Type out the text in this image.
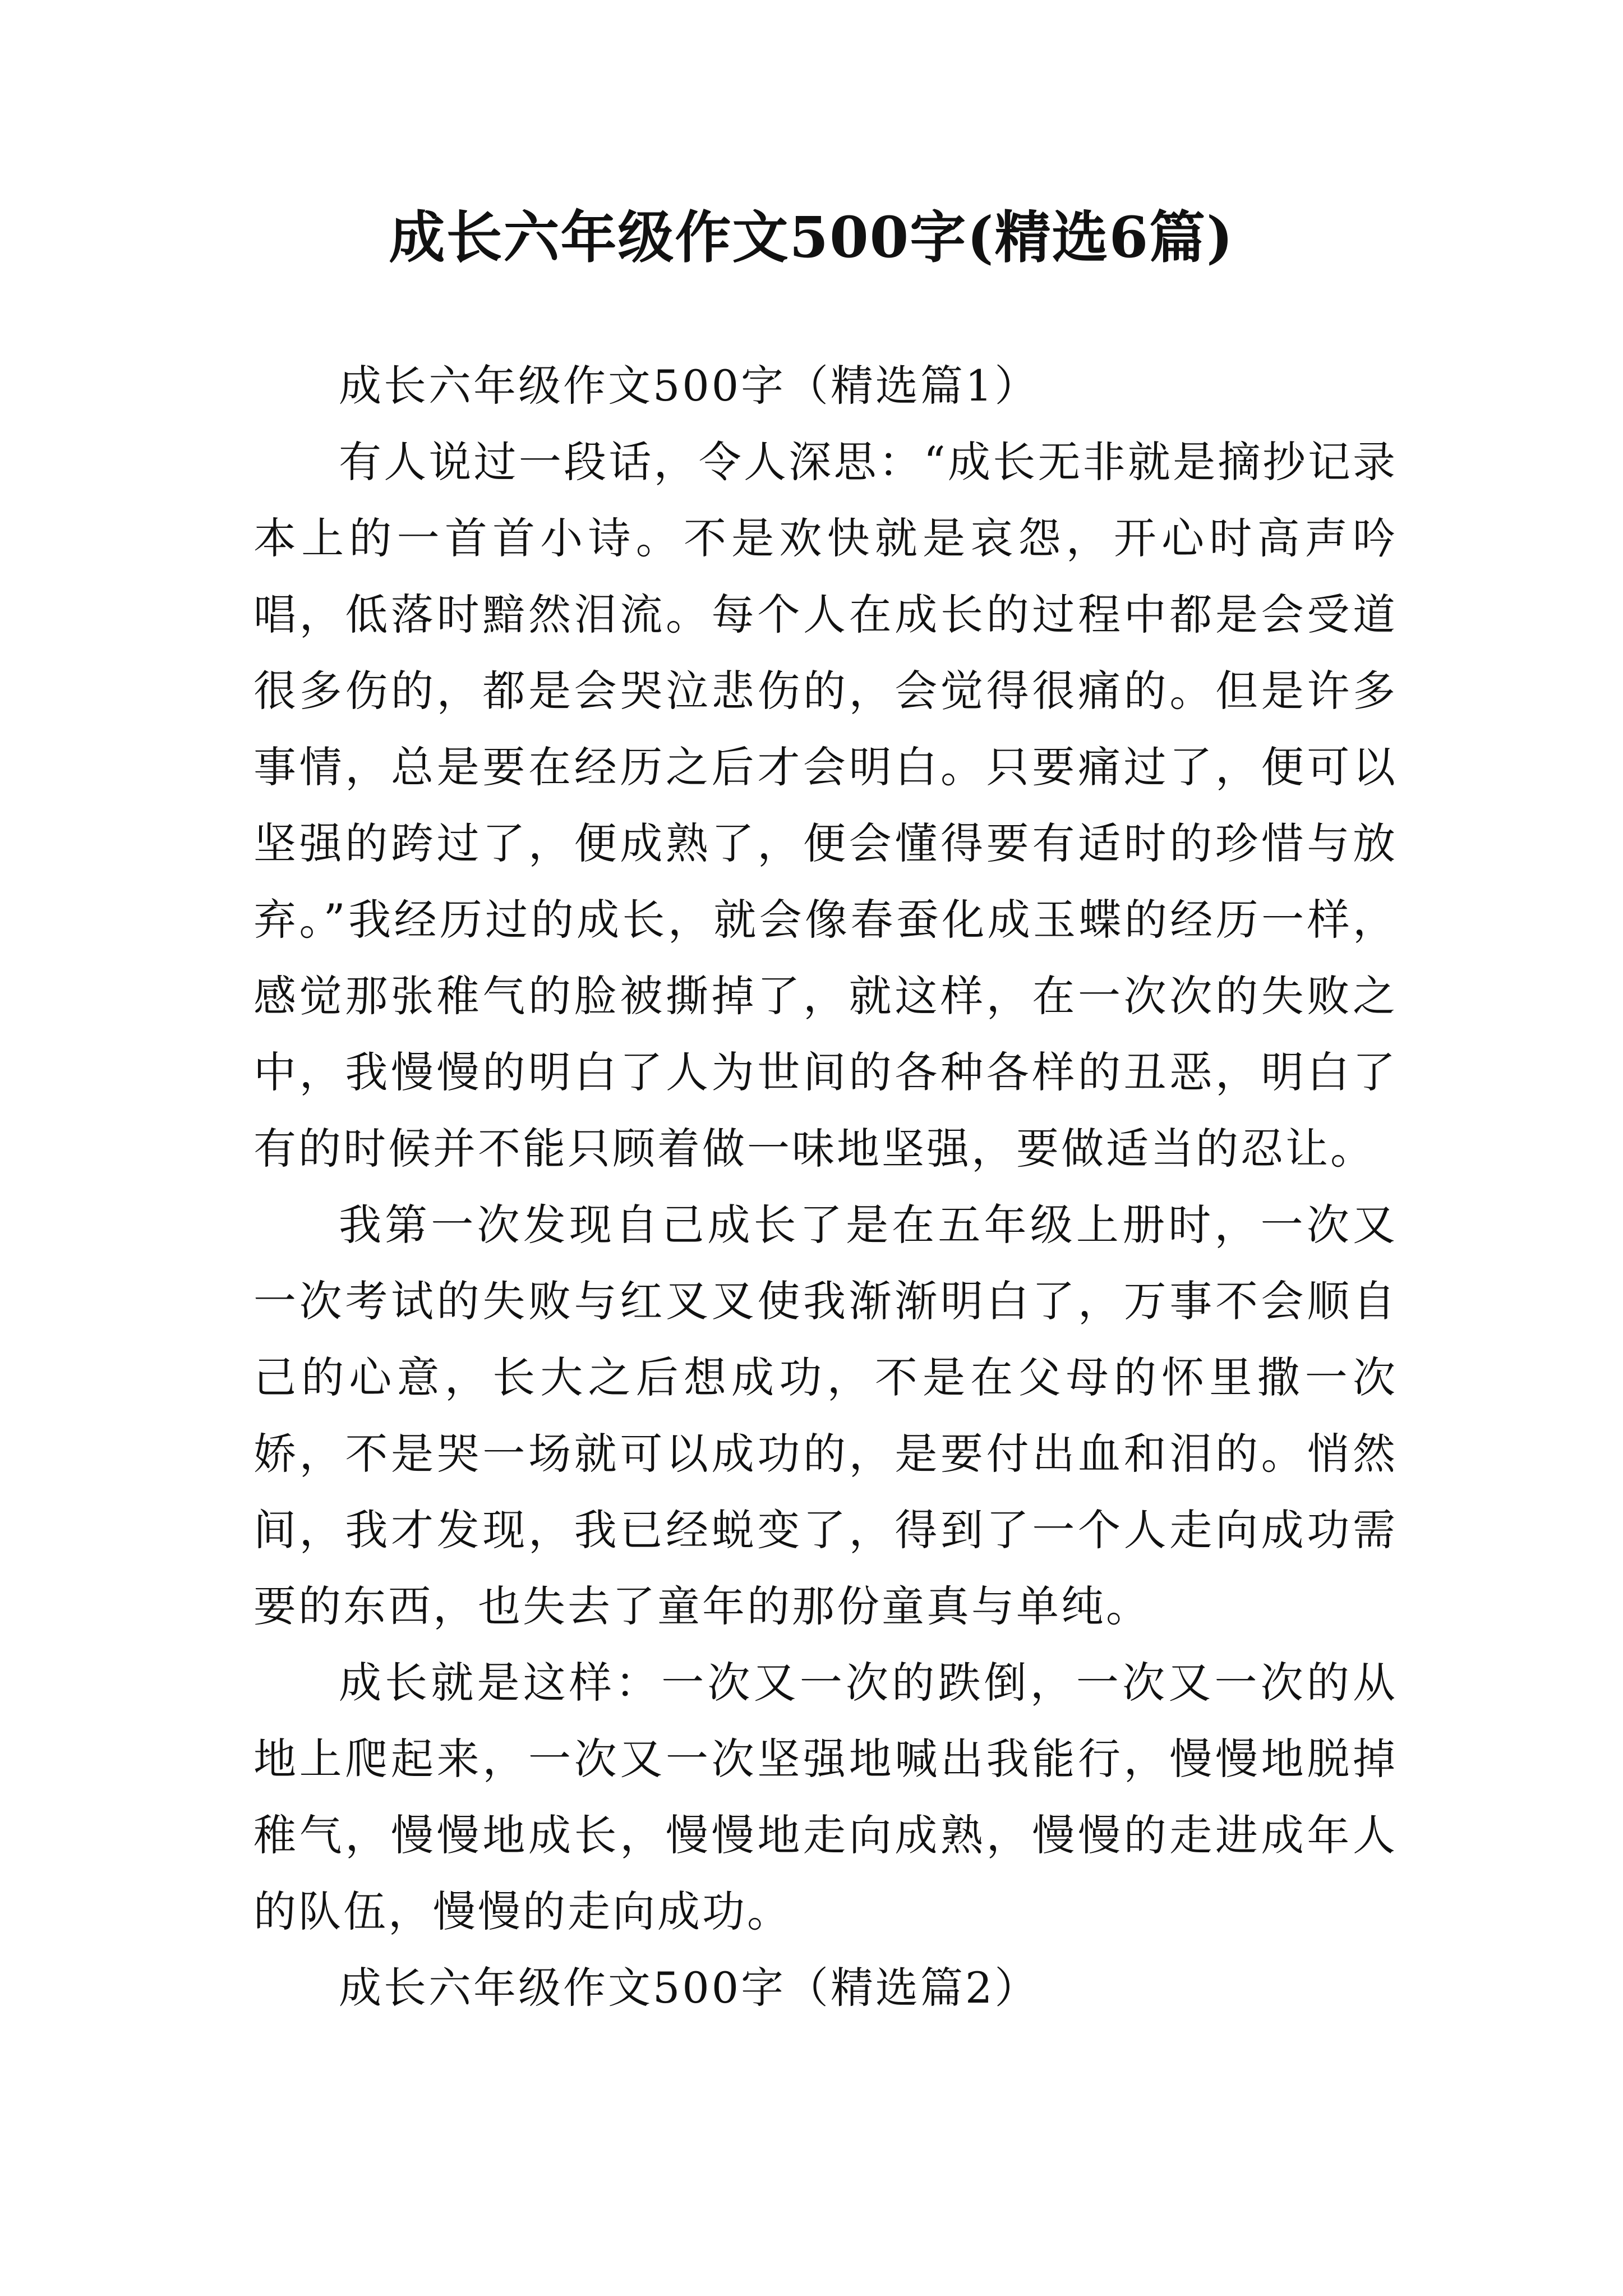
成长六年级作文500字(精选6篇)

成长六年级作文500字（精选篇1）

有人说过一段话，令人深思：“成长无非就是摘抄记录本上的一首首小诗。不是欢快就是哀怨，开心时高声吟唱，低落时黯然泪流。每个人在成长的过程中都是会受道很多伤的，都是会哭泣悲伤的，会觉得很痛的。但是许多事情，总是要在经历之后才会明白。只要痛过了，便可以坚强的跨过了，便成熟了，便会懂得要有适时的珍惜与放弃。”我经历过的成长，就会像春蚕化成玉蝶的经历一样，感觉那张稚气的脸被撕掉了，就这样，在一次次的失败之中，我慢慢的明白了人为世间的各种各样的丑恶，明白了有的时候并不能只顾着做一味地坚强，要做适当的忍让。

我第一次发现自己成长了是在五年级上册时，一次又一次考试的失败与红叉叉使我渐渐明白了，万事不会顺自己的心意，长大之后想成功，不是在父母的怀里撒一次娇，不是哭一场就可以成功的，是要付出血和泪的。悄然间，我才发现，我已经蜕变了，得到了一个人走向成功需要的东西，也失去了童年的那份童真与单纯。

成长就是这样：一次又一次的跌倒，一次又一次的从地上爬起来，一次又一次坚强地喊出我能行，慢慢地脱掉稚气，慢慢地成长，慢慢地走向成熟，慢慢的走进成年人的队伍，慢慢的走向成功。

成长六年级作文500字（精选篇2）
